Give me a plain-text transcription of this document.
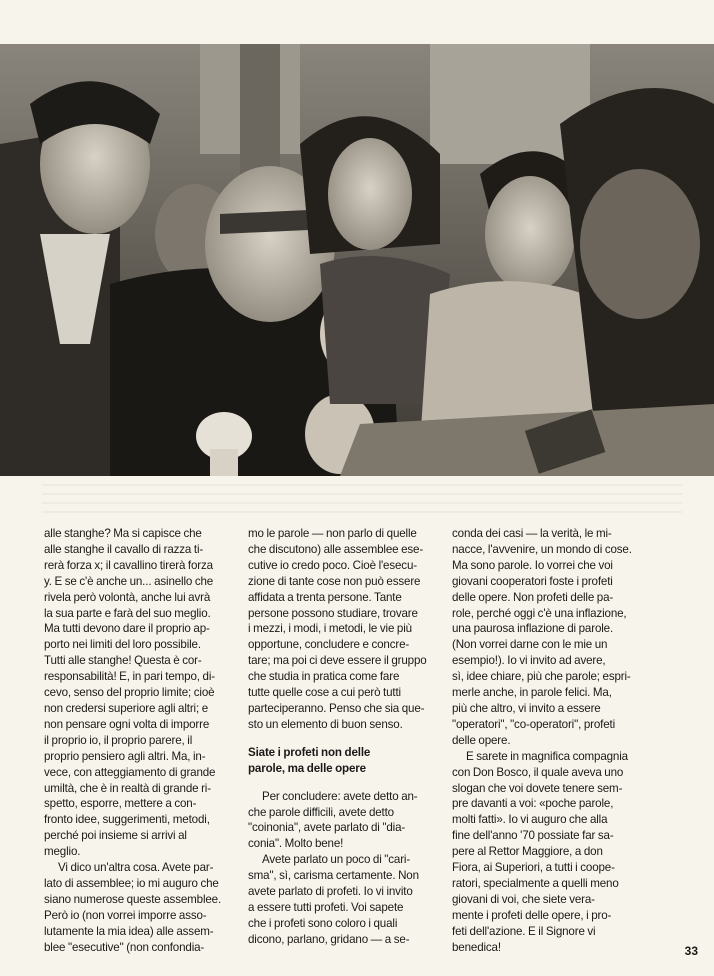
alle stanghe? Ma si capisce che
alle stanghe il cavallo di razza ti-
rerà forza x; il cavallino tirerà forza
y. E se c'è anche un... asinello che
rivela però volontà, anche lui avrà
la sua parte e farà del suo meglio.
Ma tutti devono dare il proprio ap-
porto nei limiti del loro possibile.
Tutti alle stanghe! Questa è cor-
responsabilità! E, in pari tempo, di-
cevo, senso del proprio limite; cioè
non credersi superiore agli altri; e
non pensare ogni volta di imporre
il proprio io, il proprio parere, il
proprio pensiero agli altri. Ma, in-
vece, con atteggiamento di grande
umiltà, che è in realtà di grande ri-
spetto, esporre, mettere a con-
fronto idee, suggerimenti, metodi,
perché poi insieme si arrivi al
meglio.
Vi dico un'altra cosa. Avete par-
lato di assemblee; io mi auguro che
siano numerose queste assemblee.
Però io (non vorrei imporre asso-
lutamente la mia idea) alle assem-
blee "esecutive" (non confondia-
mo le parole — non parlo di quelle
che discutono) alle assemblee ese-
cutive io credo poco. Cioè l'esecu-
zione di tante cose non può essere
affidata a trenta persone. Tante
persone possono studiare, trovare
i mezzi, i modi, i metodi, le vie più
opportune, concludere e concre-
tare; ma poi ci deve essere il gruppo
che studia in pratica come fare
tutte quelle cose a cui però tutti
parteciperanno. Penso che sia que-
sto un elemento di buon senso.
Siate i profeti non delle
parole, ma delle opere
Per concludere: avete detto an-
che parole difficili, avete detto
"coinonia", avete parlato di "dia-
conia". Molto bene!
Avete parlato un poco di "cari-
sma", sì, carisma certamente. Non
avete parlato di profeti. Io vi invito
a essere tutti profeti. Voi sapete
che i profeti sono coloro i quali
dicono, parlano, gridano — a se-
conda dei casi — la verità, le mi-
nacce, l'avvenire, un mondo di cose.
Ma sono parole. Io vorrei che voi
giovani cooperatori foste i profeti
delle opere. Non profeti delle pa-
role, perché oggi c'è una inflazione,
una paurosa inflazione di parole.
(Non vorrei darne con le mie un
esempio!). Io vi invito ad avere,
sì, idee chiare, più che parole; espri-
merle anche, in parole felici. Ma,
più che altro, vi invito a essere
"operatori", "co-operatori", profeti
delle opere.
E sarete in magnifica compagnia
con Don Bosco, il quale aveva uno
slogan che voi dovete tenere sem-
pre davanti a voi: «poche parole,
molti fatti». Io vi auguro che alla
fine dell'anno '70 possiate far sa-
pere al Rettor Maggiore, a don
Fiora, ai Superiori, a tutti i coope-
ratori, specialmente a quelli meno
giovani di voi, che siete vera-
mente i profeti delle opere, i pro-
feti dell'azione. E il Signore vi
benedica!	33
